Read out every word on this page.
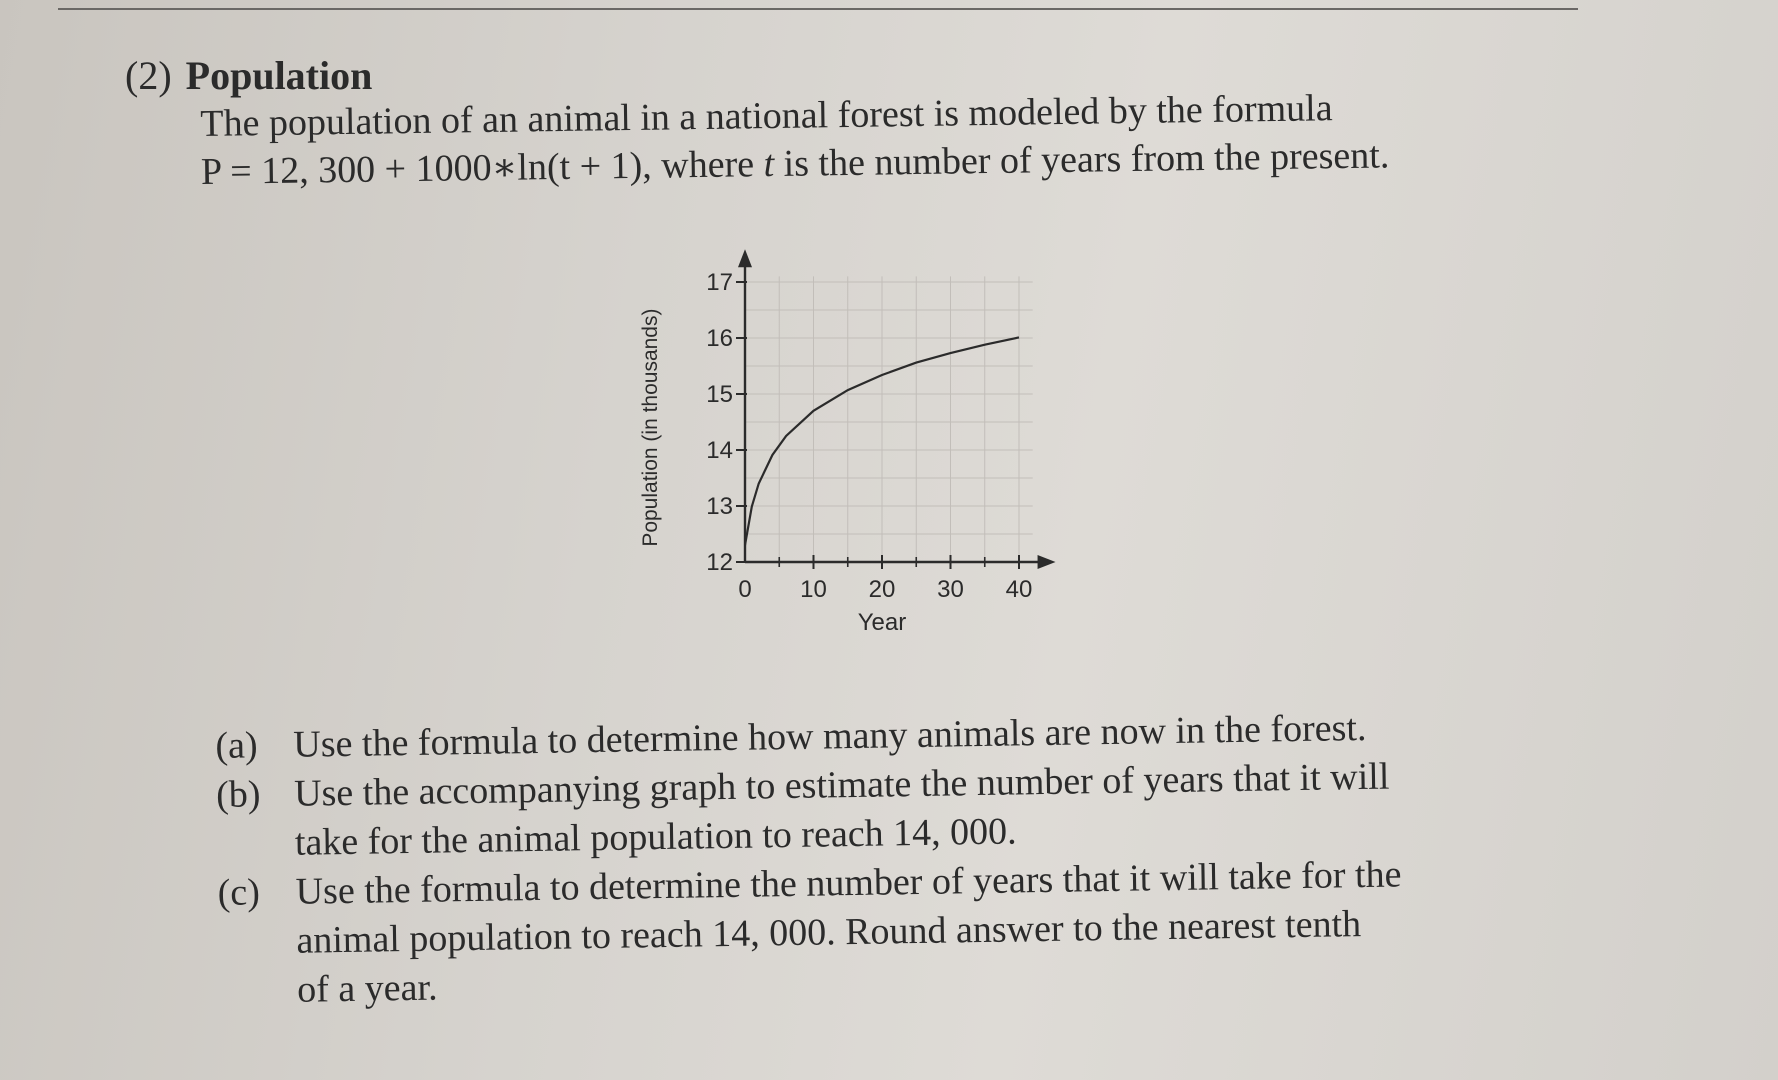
(2) Population
The population of an animal in a national forest is modeled by the formula
P = 12, 300 + 1000∗ln(t + 1), where t is the number of years from the present.
12
13
14
15
16
17
0 10 20 30 40
Population (in thousands)
Year
(a) Use the formula to determine how many animals are now in the forest.
(b) Use the accompanying graph to estimate the number of years that it will
take for the animal population to reach 14, 000.
(c) Use the formula to determine the number of years that it will take for the
animal population to reach 14, 000. Round answer to the nearest tenth
of a year.
